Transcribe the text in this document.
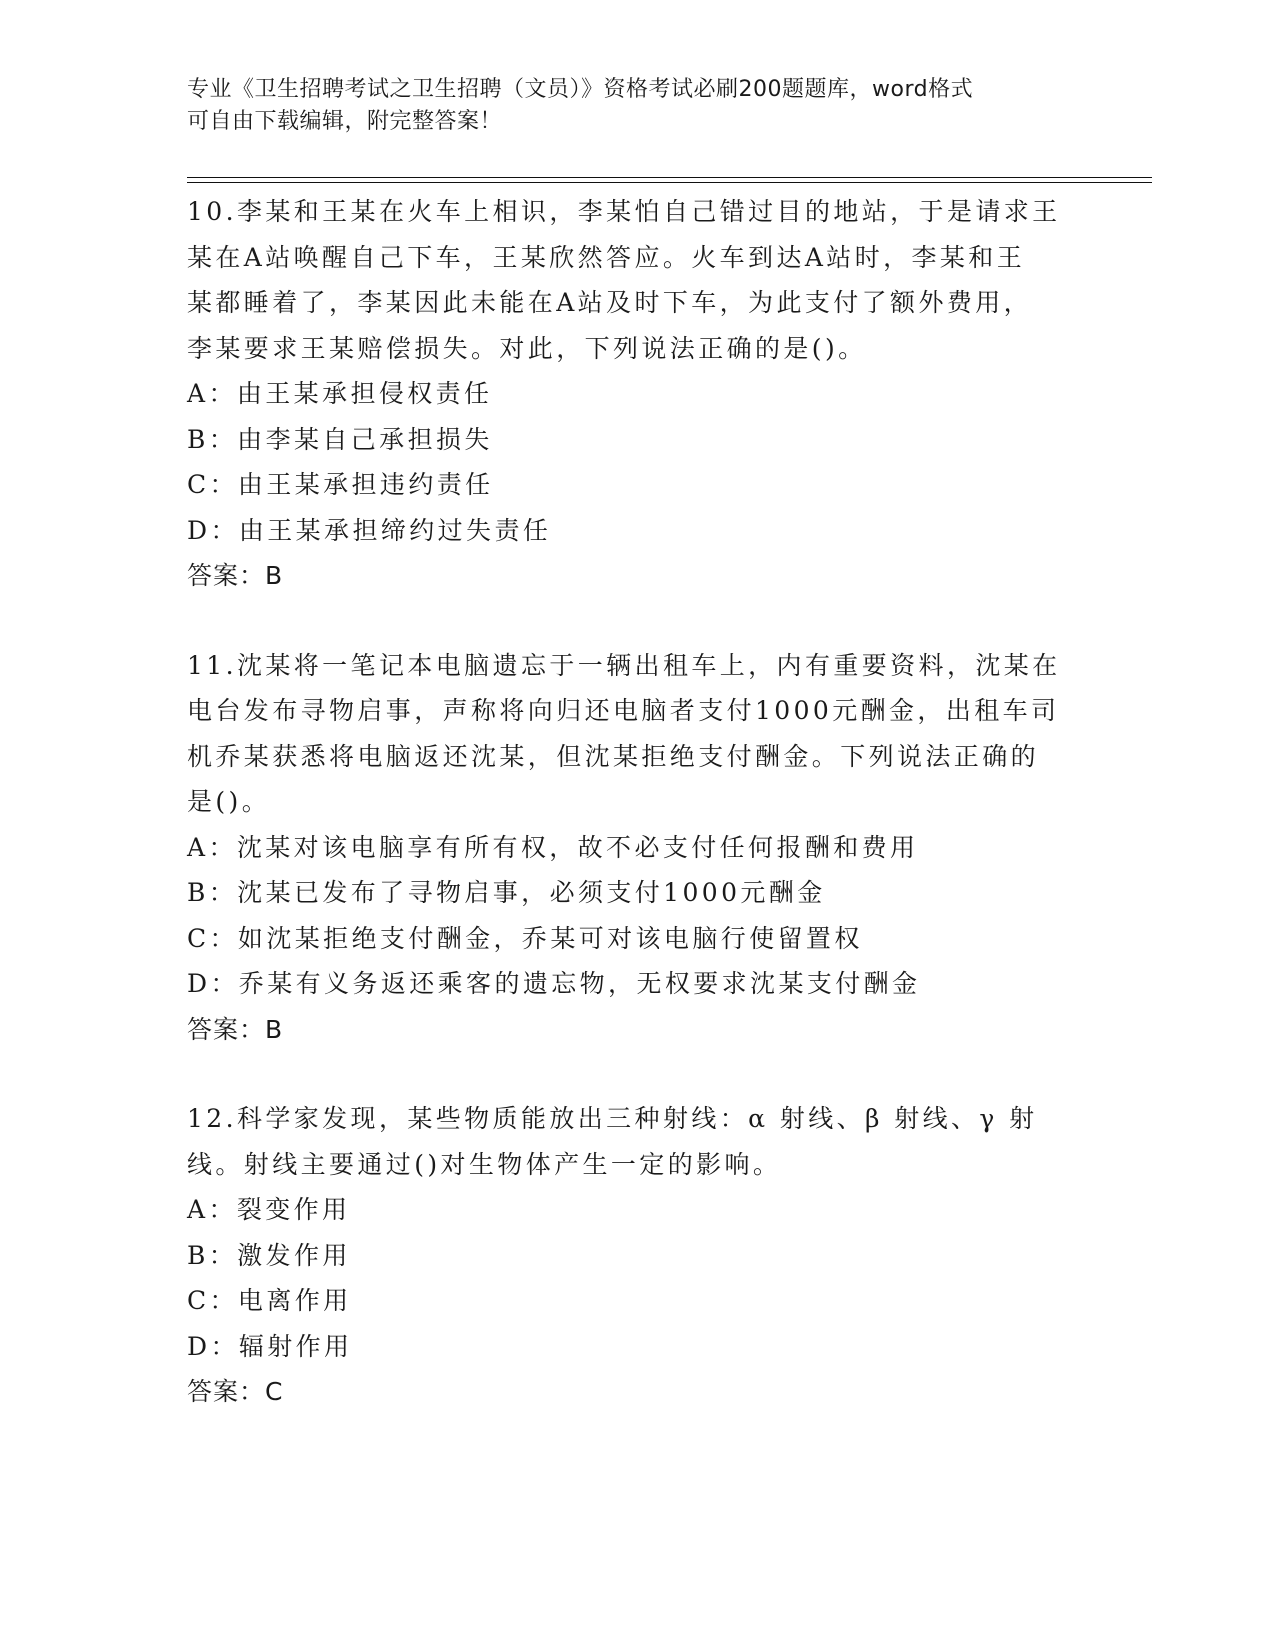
专业《卫生招聘考试之卫生招聘（文员）》资格考试必刷200题题库，word格式
可自由下载编辑，附完整答案！
10.李某和王某在火车上相识，李某怕自己错过目的地站，于是请求王
某在A站唤醒自己下车，王某欣然答应。火车到达A站时，李某和王
某都睡着了，李某因此未能在A站及时下车，为此支付了额外费用，
李某要求王某赔偿损失。对此，下列说法正确的是()。
A：由王某承担侵权责任
B：由李某自己承担损失
C：由王某承担违约责任
D：由王某承担缔约过失责任
答案：B
11.沈某将一笔记本电脑遗忘于一辆出租车上，内有重要资料，沈某在
电台发布寻物启事，声称将向归还电脑者支付1000元酬金，出租车司
机乔某获悉将电脑返还沈某，但沈某拒绝支付酬金。下列说法正确的
是()。
A：沈某对该电脑享有所有权，故不必支付任何报酬和费用
B：沈某已发布了寻物启事，必须支付1000元酬金
C：如沈某拒绝支付酬金，乔某可对该电脑行使留置权
D：乔某有义务返还乘客的遗忘物，无权要求沈某支付酬金
答案：B
12.科学家发现，某些物质能放出三种射线：α 射线、β 射线、γ 射
线。射线主要通过()对生物体产生一定的影响。
A：裂变作用
B：激发作用
C：电离作用
D：辐射作用
答案：C
